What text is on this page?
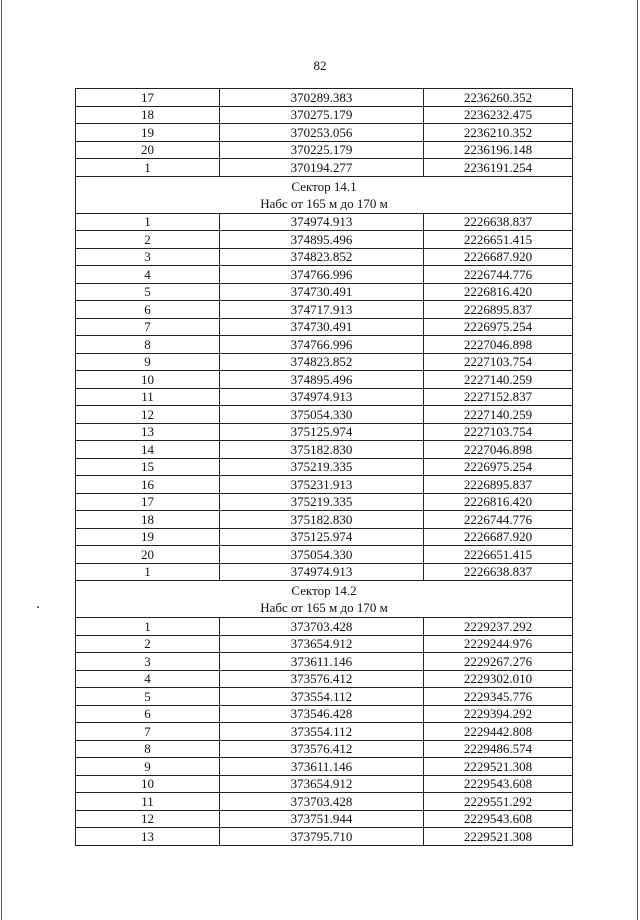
82
17	370289.383	2236260.352
18	370275.179	2236232.475
19	370253.056	2236210.352
20	370225.179	2236196.148
1	370194.277	2236191.254

Сектор 14.1
Набс от 165 м до 170 м		

1	374974.913	2226638.837
2	374895.496	2226651.415
3	374823.852	2226687.920
4	374766.996	2226744.776
5	374730.491	2226816.420
6	374717.913	2226895.837
7	374730.491	2226975.254
8	374766.996	2227046.898
9	374823.852	2227103.754
10	374895.496	2227140.259
11	374974.913	2227152.837
12	375054.330	2227140.259
13	375125.974	2227103.754
14	375182.830	2227046.898
15	375219.335	2226975.254
16	375231.913	2226895.837
17	375219.335	2226816.420
18	375182.830	2226744.776
19	375125.974	2226687.920
20	375054.330	2226651.415
1	374974.913	2226638.837

Сектор 14.2
Набс от 165 м до 170 м		

1	373703.428	2229237.292
2	373654.912	2229244.976
3	373611.146	2229267.276
4	373576.412	2229302.010
5	373554.112	2229345.776
6	373546.428	2229394.292
7	373554.112	2229442.808
8	373576.412	2229486.574
9	373611.146	2229521.308
10	373654.912	2229543.608
11	373703.428	2229551.292
12	373751.944	2229543.608
13	373795.710	2229521.308
